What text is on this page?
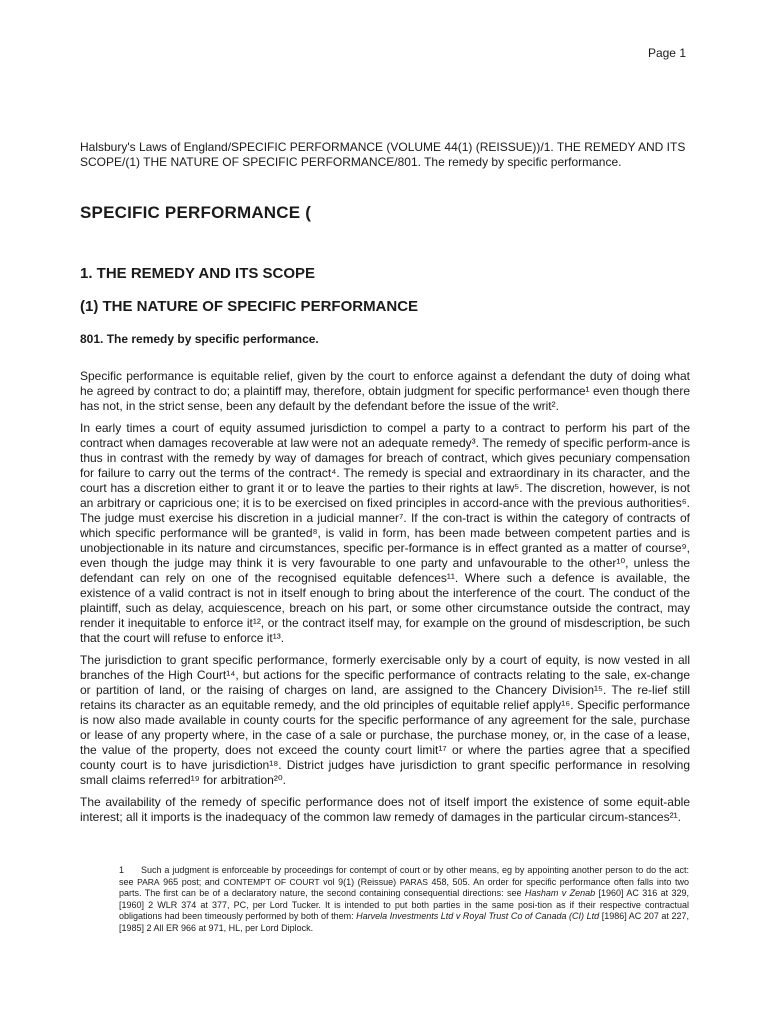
Page 1

Halsbury's Laws of England/SPECIFIC PERFORMANCE (VOLUME 44(1) (REISSUE))/1. THE REMEDY AND ITS SCOPE/(1) THE NATURE OF SPECIFIC PERFORMANCE/801. The remedy by specific performance.

SPECIFIC PERFORMANCE (
1. THE REMEDY AND ITS SCOPE
(1) THE NATURE OF SPECIFIC PERFORMANCE
801. The remedy by specific performance.

Specific performance is equitable relief, given by the court to enforce against a defendant the duty of doing what he agreed by contract to do; a plaintiff may, therefore, obtain judgment for specific performance¹ even though there has not, in the strict sense, been any default by the defendant before the issue of the writ².

In early times a court of equity assumed jurisdiction to compel a party to a contract to perform his part of the contract when damages recoverable at law were not an adequate remedy³. The remedy of specific perform-ance is thus in contrast with the remedy by way of damages for breach of contract, which gives pecuniary compensation for failure to carry out the terms of the contract⁴. The remedy is special and extraordinary in its character, and the court has a discretion either to grant it or to leave the parties to their rights at law⁵. The discretion, however, is not an arbitrary or capricious one; it is to be exercised on fixed principles in accord-ance with the previous authorities⁶. The judge must exercise his discretion in a judicial manner⁷. If the con-tract is within the category of contracts of which specific performance will be granted⁸, is valid in form, has been made between competent parties and is unobjectionable in its nature and circumstances, specific per-formance is in effect granted as a matter of course⁹, even though the judge may think it is very favourable to one party and unfavourable to the other¹⁰, unless the defendant can rely on one of the recognised equitable defences¹¹. Where such a defence is available, the existence of a valid contract is not in itself enough to bring about the interference of the court. The conduct of the plaintiff, such as delay, acquiescence, breach on his part, or some other circumstance outside the contract, may render it inequitable to enforce it¹², or the contract itself may, for example on the ground of misdescription, be such that the court will refuse to enforce it¹³.

The jurisdiction to grant specific performance, formerly exercisable only by a court of equity, is now vested in all branches of the High Court¹⁴, but actions for the specific performance of contracts relating to the sale, ex-change or partition of land, or the raising of charges on land, are assigned to the Chancery Division¹⁵. The re-lief still retains its character as an equitable remedy, and the old principles of equitable relief apply¹⁶. Specific performance is now also made available in county courts for the specific performance of any agreement for the sale, purchase or lease of any property where, in the case of a sale or purchase, the purchase money, or, in the case of a lease, the value of the property, does not exceed the county court limit¹⁷ or where the parties agree that a specified county court is to have jurisdiction¹⁸. District judges have jurisdiction to grant specific performance in resolving small claims referred¹⁹ for arbitration²⁰.

The availability of the remedy of specific performance does not of itself import the existence of some equit-able interest; all it imports is the inadequacy of the common law remedy of damages in the particular circum-stances²¹.

1 Such a judgment is enforceable by proceedings for contempt of court or by other means, eg by appointing another person to do the act: see PARA 965 post; and CONTEMPT OF COURT vol 9(1) (Reissue) PARAS 458, 505. An order for specific performance often falls into two parts. The first can be of a declaratory nature, the second containing consequential directions: see Hasham v Zenab [1960] AC 316 at 329, [1960] 2 WLR 374 at 377, PC, per Lord Tucker. It is intended to put both parties in the same posi-tion as if their respective contractual obligations had been timeously performed by both of them: Harvela Investments Ltd v Royal Trust Co of Canada (CI) Ltd [1986] AC 207 at 227, [1985] 2 All ER 966 at 971, HL, per Lord Diplock.
